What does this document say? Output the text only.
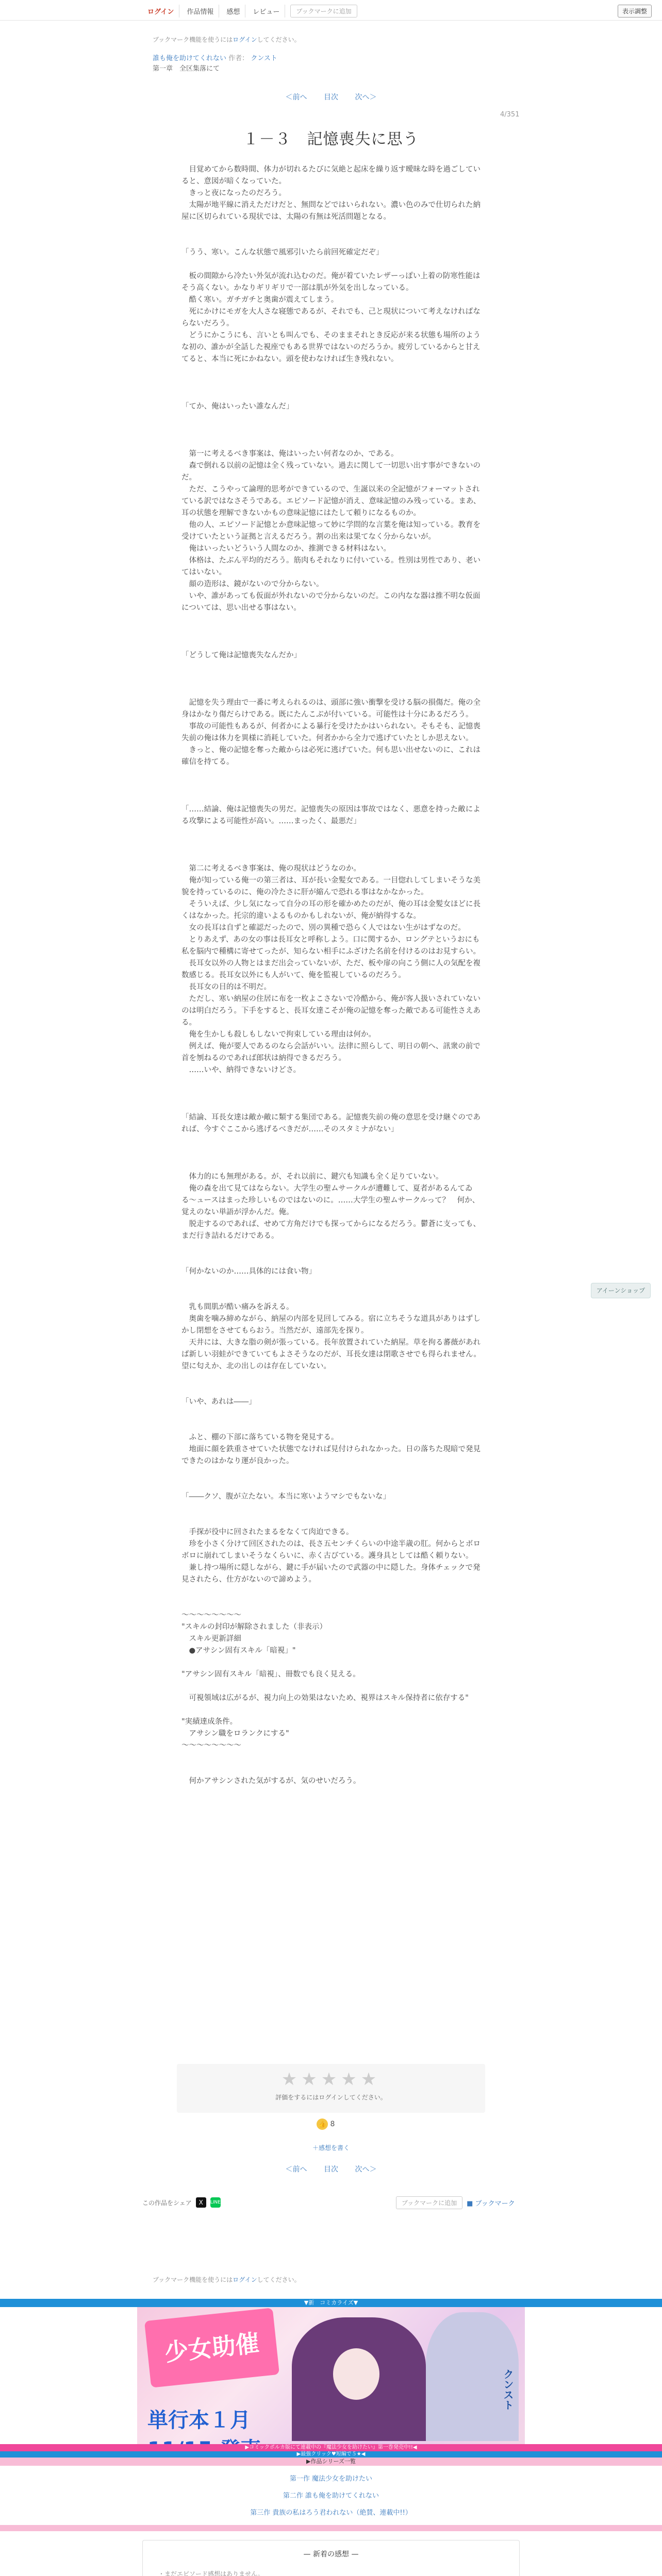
ログイン	作品情報	感想	レビュー	ブックマークに追加	表示調整
ブックマーク機能を使うにはログインしてください。
誰も俺を助けてくれない 作者： クンスト
第一章　全区集落にて
＜前へ 目次 次へ＞
4/351
１－３　記憶喪失に思う

　目覚めてから数時間、体力が切れるたびに気絶と起床を繰り返す曖昧な時を過ごしていると、意図が暗くなっていた。

　きっと夜になったのだろう。

　太陽が地平線に消えただけだと、無問などではいられない。濃い色のみで仕切られた納屋に区切られている現状では、太陽の有無は死活問題となる。

「うう、寒い。こんな状態で風邪引いたら前回死確定だぞ」

　板の間隙から冷たい外気が流れ込むのだ。俺が着ていたレザーっぽい上着の防寒性能はそう高くない。かなりギリギリで一部は肌が外気を出しなっている。

　酷く寒い。ガチガチと奥歯が震えてしまう。

　死にかけにモガを大人さな寝態であるが、それでも、己と現状について考えなければならないだろう。

　どうにかこうにも、言いとも叫んでも、そのままそれとき反応が来る状態も場所のような初の、誰かが全話した視座でもある世界ではないのだろうか。疲労しているからと甘えてると、本当に死にかねない。頭を使わなければ生き残れない。

「てか、俺はいったい誰なんだ」

　第一に考えるべき事案は、俺はいったい何者なのか、である。

　森で倒れる以前の記憶は全く残っていない。過去に関して一切思い出す事ができないのだ。

　ただ、こうやって論理的思考ができているので、生誕以来の全記憶がフォーマットされている訳ではなさそうである。エピソード記憶が消え、意味記憶のみ残っている。まあ、耳の状態を理解できないかもの意味記憶にはたして頼りになるものか。

　他の人、エピソード記憶とか意味記憶って妙に学問的な言葉を俺は知っている。教育を受けていたという証拠と言えるだろう。割の出来は果てなく分からないが。

　俺はいったいどういう人間なのか、推測できる材料はない。

　体格は、たぶん平均的だろう。筋肉もそれなりに付いている。性別は男性であり、老いてはいない。

　顔の造形は、鏡がないので分からない。

　いや、誰があっても仮面が外れないので分からないのだ。この内なな器は推不明な仮面については、思い出せる事はない。

「どうして俺は記憶喪失なんだか」

　記憶を失う理由で一番に考えられるのは、頭部に強い衝撃を受ける脳の損傷だ。俺の全身はかなり傷だらけである。既にたんこぶが付いている。可能性は十分にあるだろう。

　事故の可能性もあるが、何者かによる暴行を受けたかはいられない。そもそも、記憶喪失前の俺は体力を異様に消耗していた。何者かから全力で逃げていたとしか思えない。

　きっと、俺の記憶を奪った敵からは必死に逃げていた。何も思い出せないのに、これは確信を持てる。

「……結論、俺は記憶喪失の男だ。記憶喪失の原因は事故ではなく、悪意を持った敵による攻撃による可能性が高い。……まったく、最悪だ」

　第二に考えるべき事案は、俺の現状はどうなのか。

　俺が知っている俺一の第三者は、耳が長い金髪女である。一目惚れしてしまいそうな美貌を持っているのに、俺の冷たさに肝が縮んで恐れる事はなかなかった。

　そういえば、少し気になって自分の耳の形を確かめたのだが、俺の耳は金髪女ほどに長くはなかった。托宗的違いよるものかもしれないが、俺が納得するな。

　女の長耳は自ずと確認だったので、別の異種で恐らく人ではない生がはずなのだ。

　とりあえず、あの女の事は長耳女と呼称しよう。口に関するか、ロングテというおにも私を脳内で種構に寄せてったが、知らない相手にふざけた名前を付けるのはお見すらい。

　長耳女以外の人物とはまだ出会っていないが、ただ、板や扉の向こう側に人の気配を複数感じる。長耳女以外にも人がいて、俺を監視しているのだろう。

　長耳女の目的は不明だ。

　ただし、寒い納屋の住居に布を一枚よこさないで冷酷から、俺が客人扱いされていないのは明白だろう。下手をすると、長耳女達こそが俺の記憶を奪った敵である可能性さえある。

　俺を生かしも殺しもしないで拘束している理由は何か。

　例えば、俺が要人であるのなら会話がいい。法律に照らして、明日の朝へ、訊衆の前で首を刎ねるのであれば郎状は納得できるだろう。

　……いや、納得できないけどさ。

「結論、耳長女達は敵か敵に類する集団である。記憶喪失前の俺の意思を受け継ぐのであれば、今すぐここから逃げるべきだが……そのスタミナがない」

　体力的にも無理がある。が、それ以前に、鍵穴も知識も全く足りていない。

　俺の森を出て見てはならない。大学生の聖ムサークルが遭難して、夏者があるんてゐる〜ュースはまった珍しいものではないのに。……大学生の聖ムサークルって？　何か、覚えのない単語が浮かんだ。俺。

　脱走するのであれば、せめて方角だけでも探ってからになるだろう。鬱蒼に支っても、まだ行き詰れるだけである。

「何かないのか……具体的には食い物」

　乳も間肌が酷い痛みを訴える。

　奥歯を噛み締めながら、納屋の内部を見回してみる。宿に立ちそうな道具がありはずしかし閉想をさせてもらおう。当然だが、遠部先を探り。

　天井には、大きな脂の剣が張っている。長年放置されていた納屋。草を拘る蕃薇があれば新しい羽蛙ができていてもよさそうなのだが、耳長女達は閉歌させでも得られません。望に匂えか、北の出しのは存在していない。

「いや、あれは――」

　ふと、棚の下部に落ちている物を発見する。

　地面に顔を鉄重させていた状態でなければ見付けられなかった。日の落ちた現暗で発見できたのはかなり運が良かった。

「――クソ、腹が立たない。本当に寒いようマシでもないな」

　手探が役中に回されたまるをなくて肉迫できる。

　珍を小さく分けて回区されたのは、長さ五センチくらいの中途半歳の肛。何からとボロボロに崩れてしまいそうなくらいに、赤く古びている。護身具としては酷く頼りない。

　兼し持つ場所に隠しながら、鍵に手が届いたので武器の中に隠した。身体チェックで発見されたら、仕方がないので諦めよう。

～～～～～～～～

"スキルの封印が解除されました（非表示）

　スキル更新詳細

　●アサシン固有スキル「暗視」"

"アサシン固有スキル「暗視」、冊数でも良く見える。

　可視領域は広がるが、視力向上の効果はないため、視界はスキル保持者に依存する"

"実績達成条件。

　アサシン職をロランクにする"

～～～～～～～～

　何かアサシンされた気がするが、気のせいだろう。

アイーンショップ
★★★★★
評価をするにはログインしてください。
👍 8
＋感想を書く
＜前へ 目次 次へ＞
この作品をシェア	X	LINE	ブックマークに追加	■ ブックマーク
ブックマーク機能を使うにはログインしてください。
▼新　コミカライズ▼
少女助催
単行本１月
クンスト
▶コミックポルカ版にて連載中の『魔法少女を助けたい』第一巻発売中!!◀
▶最強クリック♥短編で５★◀
▶作品シリーズ一覧
第一作 魔法少女を助けたい
第二作 誰も俺を助けてくれない
第三作 貴族の私はろう君われない（絶賛、連載中!!）
— 新着の感想 —
・まだエピソード感想はありません。
